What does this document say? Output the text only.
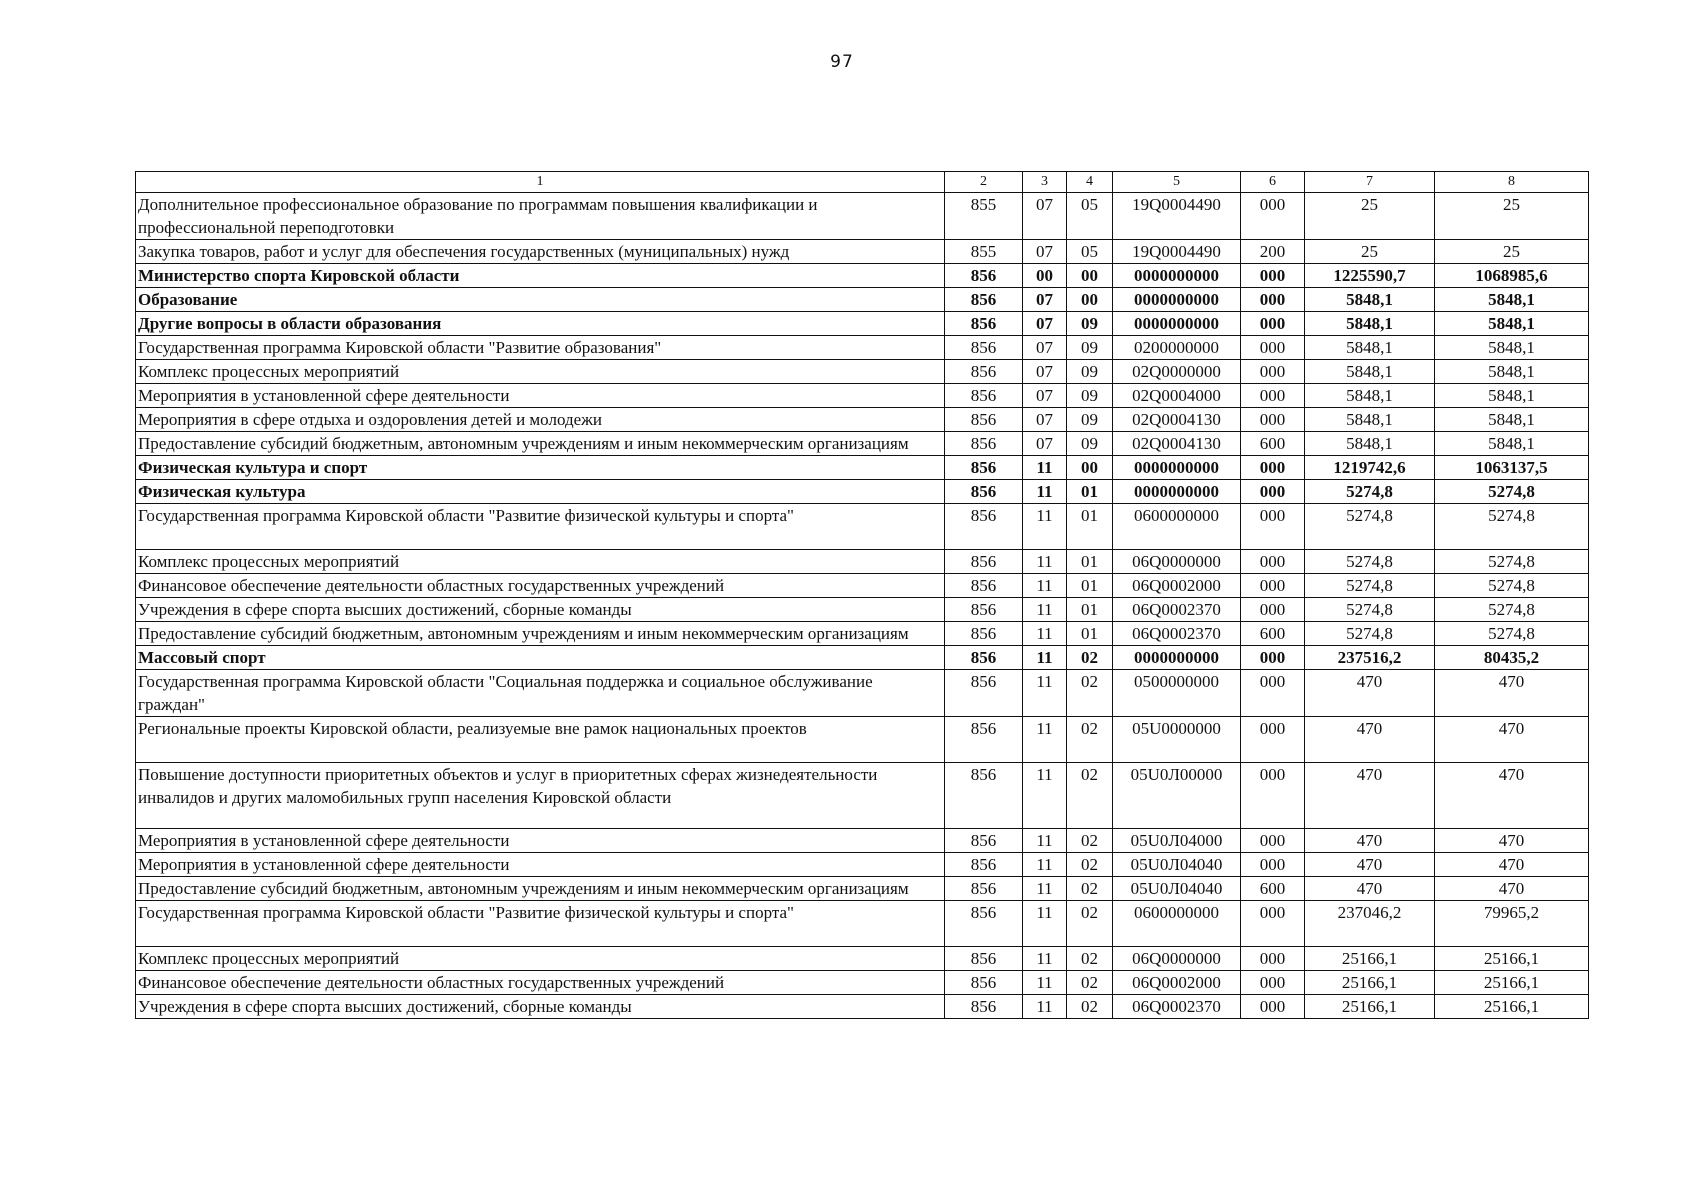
97
1	2	3	4	5	6	7	8
Дополнительное профессиональное образование по программам повышения квалификации и профессиональной переподготовки	855	07	05	19Q0004490	000	25	25
Закупка товаров, работ и услуг для обеспечения государственных (муниципальных) нужд	855	07	05	19Q0004490	200	25	25
Министерство спорта Кировской области	856	00	00	0000000000	000	1225590,7	1068985,6
Образование	856	07	00	0000000000	000	5848,1	5848,1
Другие вопросы в области образования	856	07	09	0000000000	000	5848,1	5848,1
Государственная программа Кировской области "Развитие образования"	856	07	09	0200000000	000	5848,1	5848,1
Комплекс процессных мероприятий	856	07	09	02Q0000000	000	5848,1	5848,1
Мероприятия в установленной сфере деятельности	856	07	09	02Q0004000	000	5848,1	5848,1
Мероприятия в сфере отдыха и оздоровления детей и молодежи	856	07	09	02Q0004130	000	5848,1	5848,1
Предоставление субсидий бюджетным, автономным учреждениям и иным некоммерческим организациям	856	07	09	02Q0004130	600	5848,1	5848,1
Физическая культура и спорт	856	11	00	0000000000	000	1219742,6	1063137,5
Физическая культура	856	11	01	0000000000	000	5274,8	5274,8
Государственная программа Кировской области "Развитие физической культуры и спорта"	856	11	01	0600000000	000	5274,8	5274,8
Комплекс процессных мероприятий	856	11	01	06Q0000000	000	5274,8	5274,8
Финансовое обеспечение деятельности областных государственных учреждений	856	11	01	06Q0002000	000	5274,8	5274,8
Учреждения в сфере спорта высших достижений, сборные команды	856	11	01	06Q0002370	000	5274,8	5274,8
Предоставление субсидий бюджетным, автономным учреждениям и иным некоммерческим организациям	856	11	01	06Q0002370	600	5274,8	5274,8
Массовый спорт	856	11	02	0000000000	000	237516,2	80435,2
Государственная программа Кировской области "Социальная поддержка и социальное обслуживание граждан"	856	11	02	0500000000	000	470	470
Региональные проекты Кировской области, реализуемые вне рамок национальных проектов	856	11	02	05U0000000	000	470	470
Повышение доступности приоритетных объектов и услуг в приоритетных сферах жизнедеятельности инвалидов и других маломобильных групп населения Кировской области	856	11	02	05U0Л00000	000	470	470
Мероприятия в установленной сфере деятельности	856	11	02	05U0Л04000	000	470	470
Мероприятия в установленной сфере деятельности	856	11	02	05U0Л04040	000	470	470
Предоставление субсидий бюджетным, автономным учреждениям и иным некоммерческим организациям	856	11	02	05U0Л04040	600	470	470
Государственная программа Кировской области "Развитие физической культуры и спорта"	856	11	02	0600000000	000	237046,2	79965,2
Комплекс процессных мероприятий	856	11	02	06Q0000000	000	25166,1	25166,1
Финансовое обеспечение деятельности областных государственных учреждений	856	11	02	06Q0002000	000	25166,1	25166,1
Учреждения в сфере спорта высших достижений, сборные команды	856	11	02	06Q0002370	000	25166,1	25166,1
